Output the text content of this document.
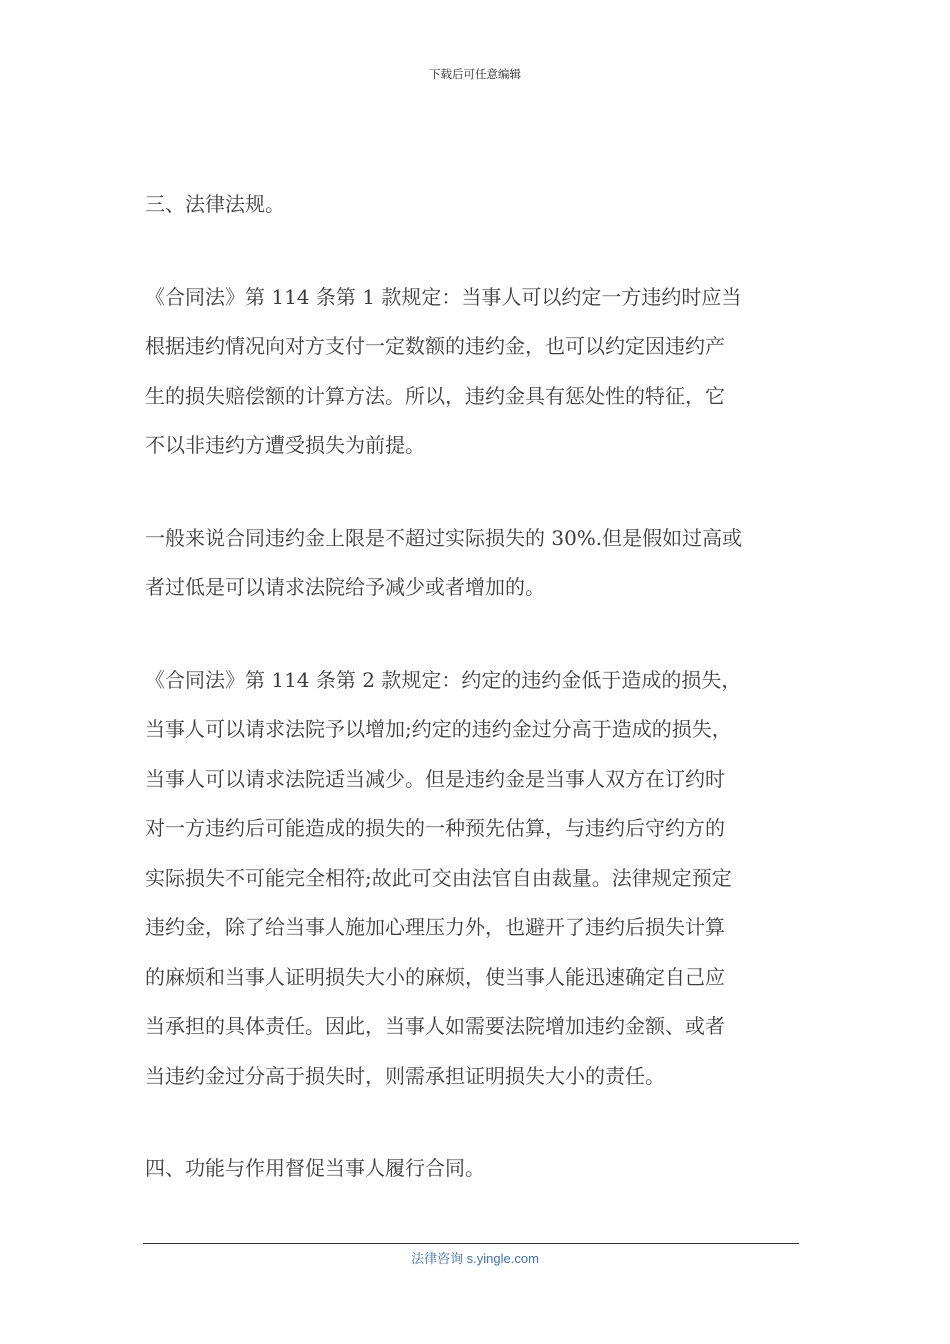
下载后可任意编辑

三、法律法规。

《合同法》第 114 条第 1 款规定：当事人可以约定一方违约时应当
根据违约情况向对方支付一定数额的违约金，也可以约定因违约产
生的损失赔偿额的计算方法。所以，违约金具有惩处性的特征，它
不以非违约方遭受损失为前提。

一般来说合同违约金上限是不超过实际损失的 30%.但是假如过高或
者过低是可以请求法院给予减少或者增加的。

《合同法》第 114 条第 2 款规定：约定的违约金低于造成的损失，
当事人可以请求法院予以增加;约定的违约金过分高于造成的损失，
当事人可以请求法院适当减少。但是违约金是当事人双方在订约时
对一方违约后可能造成的损失的一种预先估算，与违约后守约方的
实际损失不可能完全相符;故此可交由法官自由裁量。法律规定预定
违约金，除了给当事人施加心理压力外，也避开了违约后损失计算
的麻烦和当事人证明损失大小的麻烦，使当事人能迅速确定自己应
当承担的具体责任。因此，当事人如需要法院增加违约金额、或者
当违约金过分高于损失时，则需承担证明损失大小的责任。

四、功能与作用督促当事人履行合同。

法律咨询 s.yingle.com
